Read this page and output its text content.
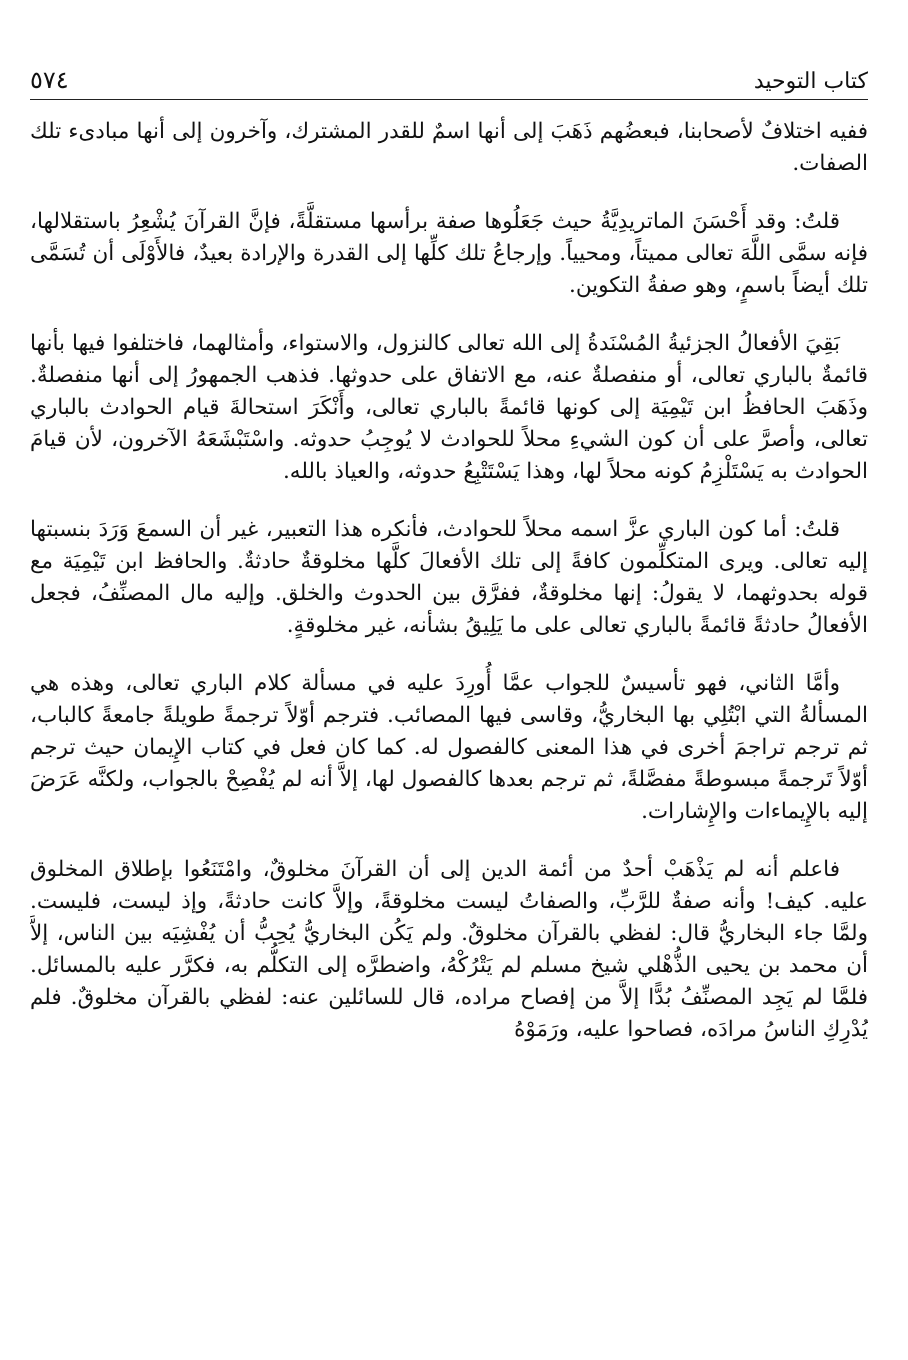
كتاب التوحيد
٥٧٤

ففيه اختلافٌ لأصحابنا، فبعضُهم ذَهَبَ إلى أنها اسمٌ للقدر المشترك، وآخرون إلى أنها مبادىء تلك الصفات.

قلتُ: وقد أَحْسَنَ الماتريدِيَّةُ حيث جَعَلُوها صفة برأسها مستقلَّةً، فإنَّ القرآنَ يُشْعِرُ باستقلالها، فإنه سمَّى اللَّهَ تعالى مميتاً، ومحيياً. وإرجاعُ تلك كلِّها إلى القدرة والإرادة بعيدٌ، فالأَوْلَى أن تُسَمَّى تلك أيضاً باسمٍ، وهو صفةُ التكوين.

بَقِيَ الأفعالُ الجزئيةُ المُسْنَدةُ إلى الله تعالى كالنزول، والاستواء، وأمثالهما، فاختلفوا فيها بأنها قائمةٌ بالباري تعالى، أو منفصلةٌ عنه، مع الاتفاق على حدوثها. فذهب الجمهورُ إلى أنها منفصلةٌ. وذَهَبَ الحافظُ ابن تَيْمِيَة إلى كونها قائمةً بالباري تعالى، وأَنْكَرَ استحالةَ قيام الحوادث بالباري تعالى، وأصرَّ على أن كون الشيءِ محلاً للحوادث لا يُوجِبُ حدوثه. واسْتَبْشَعَهُ الآخرون، لأن قيامَ الحوادث به يَسْتَلْزِمُ كونه محلاً لها، وهذا يَسْتَتْبِعُ حدوثه، والعياذ بالله.

قلتُ: أما كون الباري عزَّ اسمه محلاً للحوادث، فأنكره هذا التعبير، غير أن السمعَ وَرَدَ بنسبتها إليه تعالى. ويرى المتكلِّمون كافةً إلى تلك الأفعالَ كلَّها مخلوقةٌ حادثةٌ. والحافظ ابن تَيْمِيَة مع قوله بحدوثهما، لا يقولُ: إنها مخلوقةٌ، ففرَّق بين الحدوث والخلق. وإليه مال المصنِّفُ، فجعل الأفعالُ حادثةً قائمةً بالباري تعالى على ما يَلِيقُ بشأنه، غير مخلوقةٍ.

وأمَّا الثاني، فهو تأسيسٌ للجواب عمَّا أُورِدَ عليه في مسألة كلام الباري تعالى، وهذه هي المسألةُ التي ابْتُلِي بها البخاريُّ، وقاسى فيها المصائب. فترجم أوّلاً ترجمةً طويلةً جامعةً كالباب، ثم ترجم تراجمَ أخرى في هذا المعنى كالفصول له. كما كان فعل في كتاب الإِيمان حيث ترجم أوّلاً تَرجمةً مبسوطةً مفصَّلةً، ثم ترجم بعدها كالفصول لها، إلاَّ أنه لم يُفْصِحْ بالجواب، ولكنَّه عَرَضَ إليه بالإِيماءات والإِشارات.

فاعلم أنه لم يَذْهَبْ أحدٌ من أئمة الدين إلى أن القرآنَ مخلوقٌ، وامْتَنَعُوا بإطلاق المخلوق عليه. كيف! وأنه صفةٌ للرَّبِّ، والصفاتُ ليست مخلوقةً، وإلاَّ كانت حادثةً، وإذ ليست، فليست. ولمَّا جاء البخاريُّ قال: لفظي بالقرآن مخلوقٌ. ولم يَكُن البخاريُّ يُحِبُّ أن يُفْشِيَه بين الناس، إلاَّ أن محمد بن يحيى الذُّهْلي شيخ مسلم لم يَتْرُكْهُ، واضطرَّه إلى التكلُّم به، فكرَّر عليه بالمسائل. فلمَّا لم يَجِد المصنِّفُ بُدًّا إلاَّ من إفصاح مراده، قال للسائلين عنه: لفظي بالقرآن مخلوقٌ. فلم يُدْرِكِ الناسُ مرادَه، فصاحوا عليه، ورَمَوْهُ
